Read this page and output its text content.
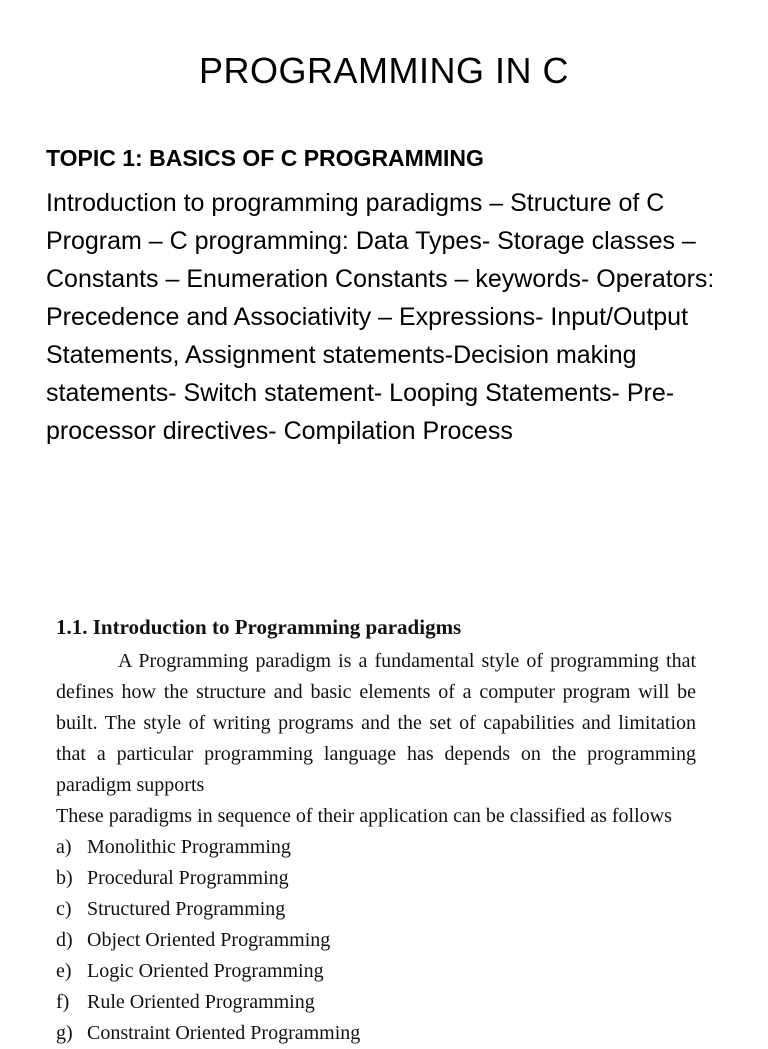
PROGRAMMING IN C
TOPIC 1: BASICS OF C PROGRAMMING

Introduction to programming paradigms – Structure of C Program – C programming: Data Types- Storage classes – Constants – Enumeration Constants – keywords- Operators: Precedence and Associativity – Expressions- Input/Output Statements, Assignment statements-Decision making statements- Switch statement- Looping Statements- Pre-processor directives- Compilation Process

1.1. Introduction to Programming paradigms

A Programming paradigm is a fundamental style of programming that defines how the structure and basic elements of a computer program will be built. The style of writing programs and the set of capabilities and limitation that a particular programming language has depends on the programming paradigm supports

These paradigms in sequence of their application can be classified as follows

a) Monolithic Programming
b) Procedural Programming
c) Structured Programming
d) Object Oriented Programming
e) Logic Oriented Programming
f) Rule Oriented Programming
g) Constraint Oriented Programming
